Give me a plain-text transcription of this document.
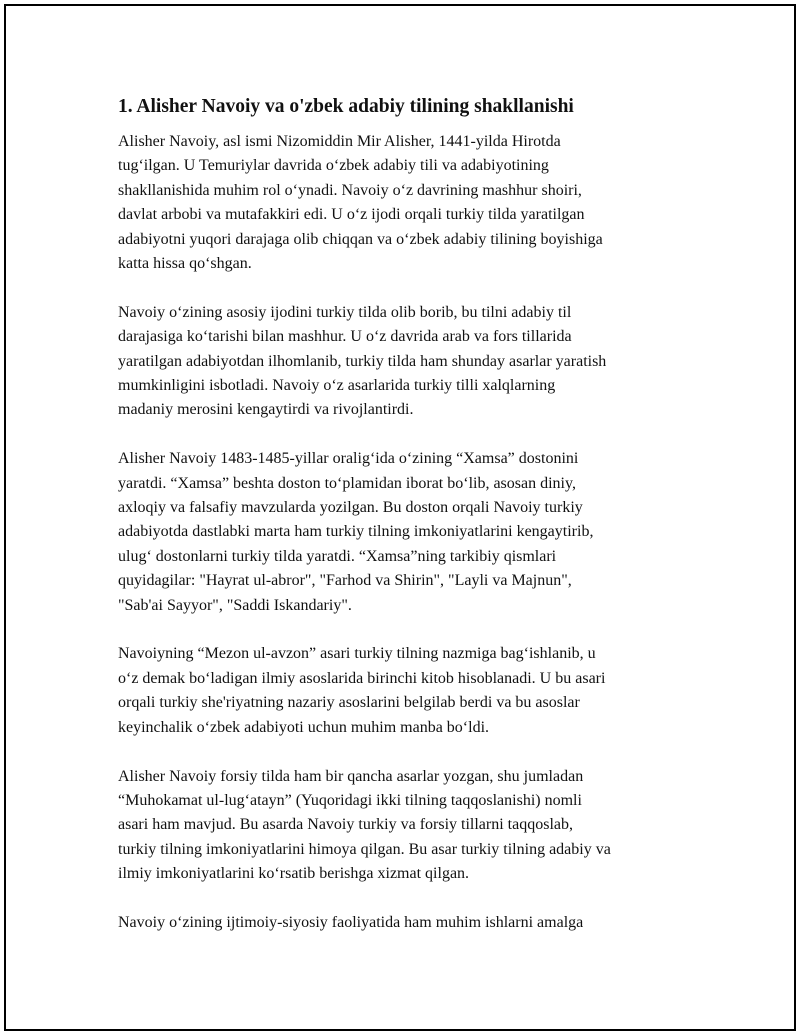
1. Alisher Navoiy va o'zbek adabiy tilining shakllanishi

Alisher Navoiy, asl ismi Nizomiddin Mir Alisher, 1441-yilda Hirotda
tug‘ilgan. U Temuriylar davrida o‘zbek adabiy tili va adabiyotining
shakllanishida muhim rol o‘ynadi. Navoiy o‘z davrining mashhur shoiri,
davlat arbobi va mutafakkiri edi. U o‘z ijodi orqali turkiy tilda yaratilgan
adabiyotni yuqori darajaga olib chiqqan va o‘zbek adabiy tilining boyishiga
katta hissa qo‘shgan.

Navoiy o‘zining asosiy ijodini turkiy tilda olib borib, bu tilni adabiy til
darajasiga ko‘tarishi bilan mashhur. U o‘z davrida arab va fors tillarida
yaratilgan adabiyotdan ilhomlanib, turkiy tilda ham shunday asarlar yaratish
mumkinligini isbotladi. Navoiy o‘z asarlarida turkiy tilli xalqlarning
madaniy merosini kengaytirdi va rivojlantirdi.

Alisher Navoiy 1483-1485-yillar oralig‘ida o‘zining “Xamsa” dostonini
yaratdi. “Xamsa” beshta doston to‘plamidan iborat bo‘lib, asosan diniy,
axloqiy va falsafiy mavzularda yozilgan. Bu doston orqali Navoiy turkiy
adabiyotda dastlabki marta ham turkiy tilning imkoniyatlarini kengaytirib,
ulug‘ dostonlarni turkiy tilda yaratdi. “Xamsa”ning tarkibiy qismlari
quyidagilar: "Hayrat ul-abror", "Farhod va Shirin", "Layli va Majnun",
"Sab'ai Sayyor", "Saddi Iskandariy".

Navoiyning “Mezon ul-avzon” asari turkiy tilning nazmiga bag‘ishlanib, u
o‘z demak bo‘ladigan ilmiy asoslarida birinchi kitob hisoblanadi. U bu asari
orqali turkiy she'riyatning nazariy asoslarini belgilab berdi va bu asoslar
keyinchalik o‘zbek adabiyoti uchun muhim manba bo‘ldi.

Alisher Navoiy forsiy tilda ham bir qancha asarlar yozgan, shu jumladan
“Muhokamat ul-lug‘atayn” (Yuqoridagi ikki tilning taqqoslanishi) nomli
asari ham mavjud. Bu asarda Navoiy turkiy va forsiy tillarni taqqoslab,
turkiy tilning imkoniyatlarini himoya qilgan. Bu asar turkiy tilning adabiy va
ilmiy imkoniyatlarini ko‘rsatib berishga xizmat qilgan.

Navoiy o‘zining ijtimoiy-siyosiy faoliyatida ham muhim ishlarni amalga
